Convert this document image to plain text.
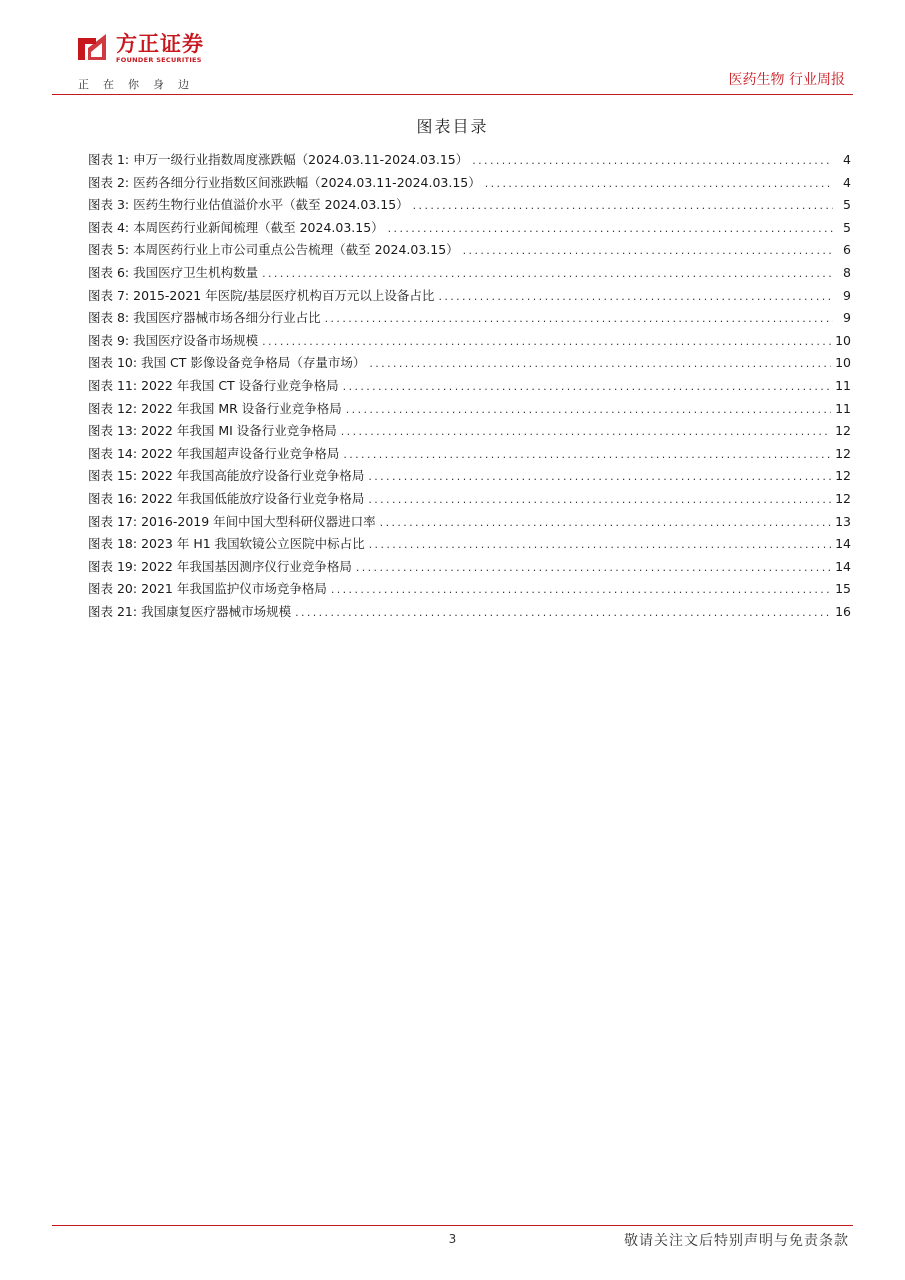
方正证券
FOUNDER SECURITIES
正在你身边	医药生物 行业周报
图表目录
图表 1: 申万一级行业指数周度涨跌幅（2024.03.11-2024.03.15） .....	4
图表 2: 医药各细分行业指数区间涨跌幅（2024.03.11-2024.03.15） .....	4
图表 3: 医药生物行业估值溢价水平（截至 2024.03.15） .....	5
图表 4: 本周医药行业新闻梳理（截至 2024.03.15） .....	5
图表 5: 本周医药行业上市公司重点公告梳理（截至 2024.03.15） .....	6
图表 6: 我国医疗卫生机构数量 .....	8
图表 7: 2015-2021 年医院/基层医疗机构百万元以上设备占比 .....	9
图表 8: 我国医疗器械市场各细分行业占比 .....	9
图表 9: 我国医疗设备市场规模 .....	10
图表 10: 我国 CT 影像设备竞争格局（存量市场） .....	10
图表 11: 2022 年我国 CT 设备行业竞争格局 .....	11
图表 12: 2022 年我国 MR 设备行业竞争格局 .....	11
图表 13: 2022 年我国 MI 设备行业竞争格局 .....	12
图表 14: 2022 年我国超声设备行业竞争格局 .....	12
图表 15: 2022 年我国高能放疗设备行业竞争格局 .....	12
图表 16: 2022 年我国低能放疗设备行业竞争格局 .....	12
图表 17: 2016-2019 年间中国大型科研仪器进口率 .....	13
图表 18: 2023 年 H1 我国软镜公立医院中标占比 .....	14
图表 19: 2022 年我国基因测序仪行业竞争格局 .....	14
图表 20: 2021 年我国监护仪市场竞争格局 .....	15
图表 21: 我国康复医疗器械市场规模 .....	16
3	敬请关注文后特别声明与免责条款
